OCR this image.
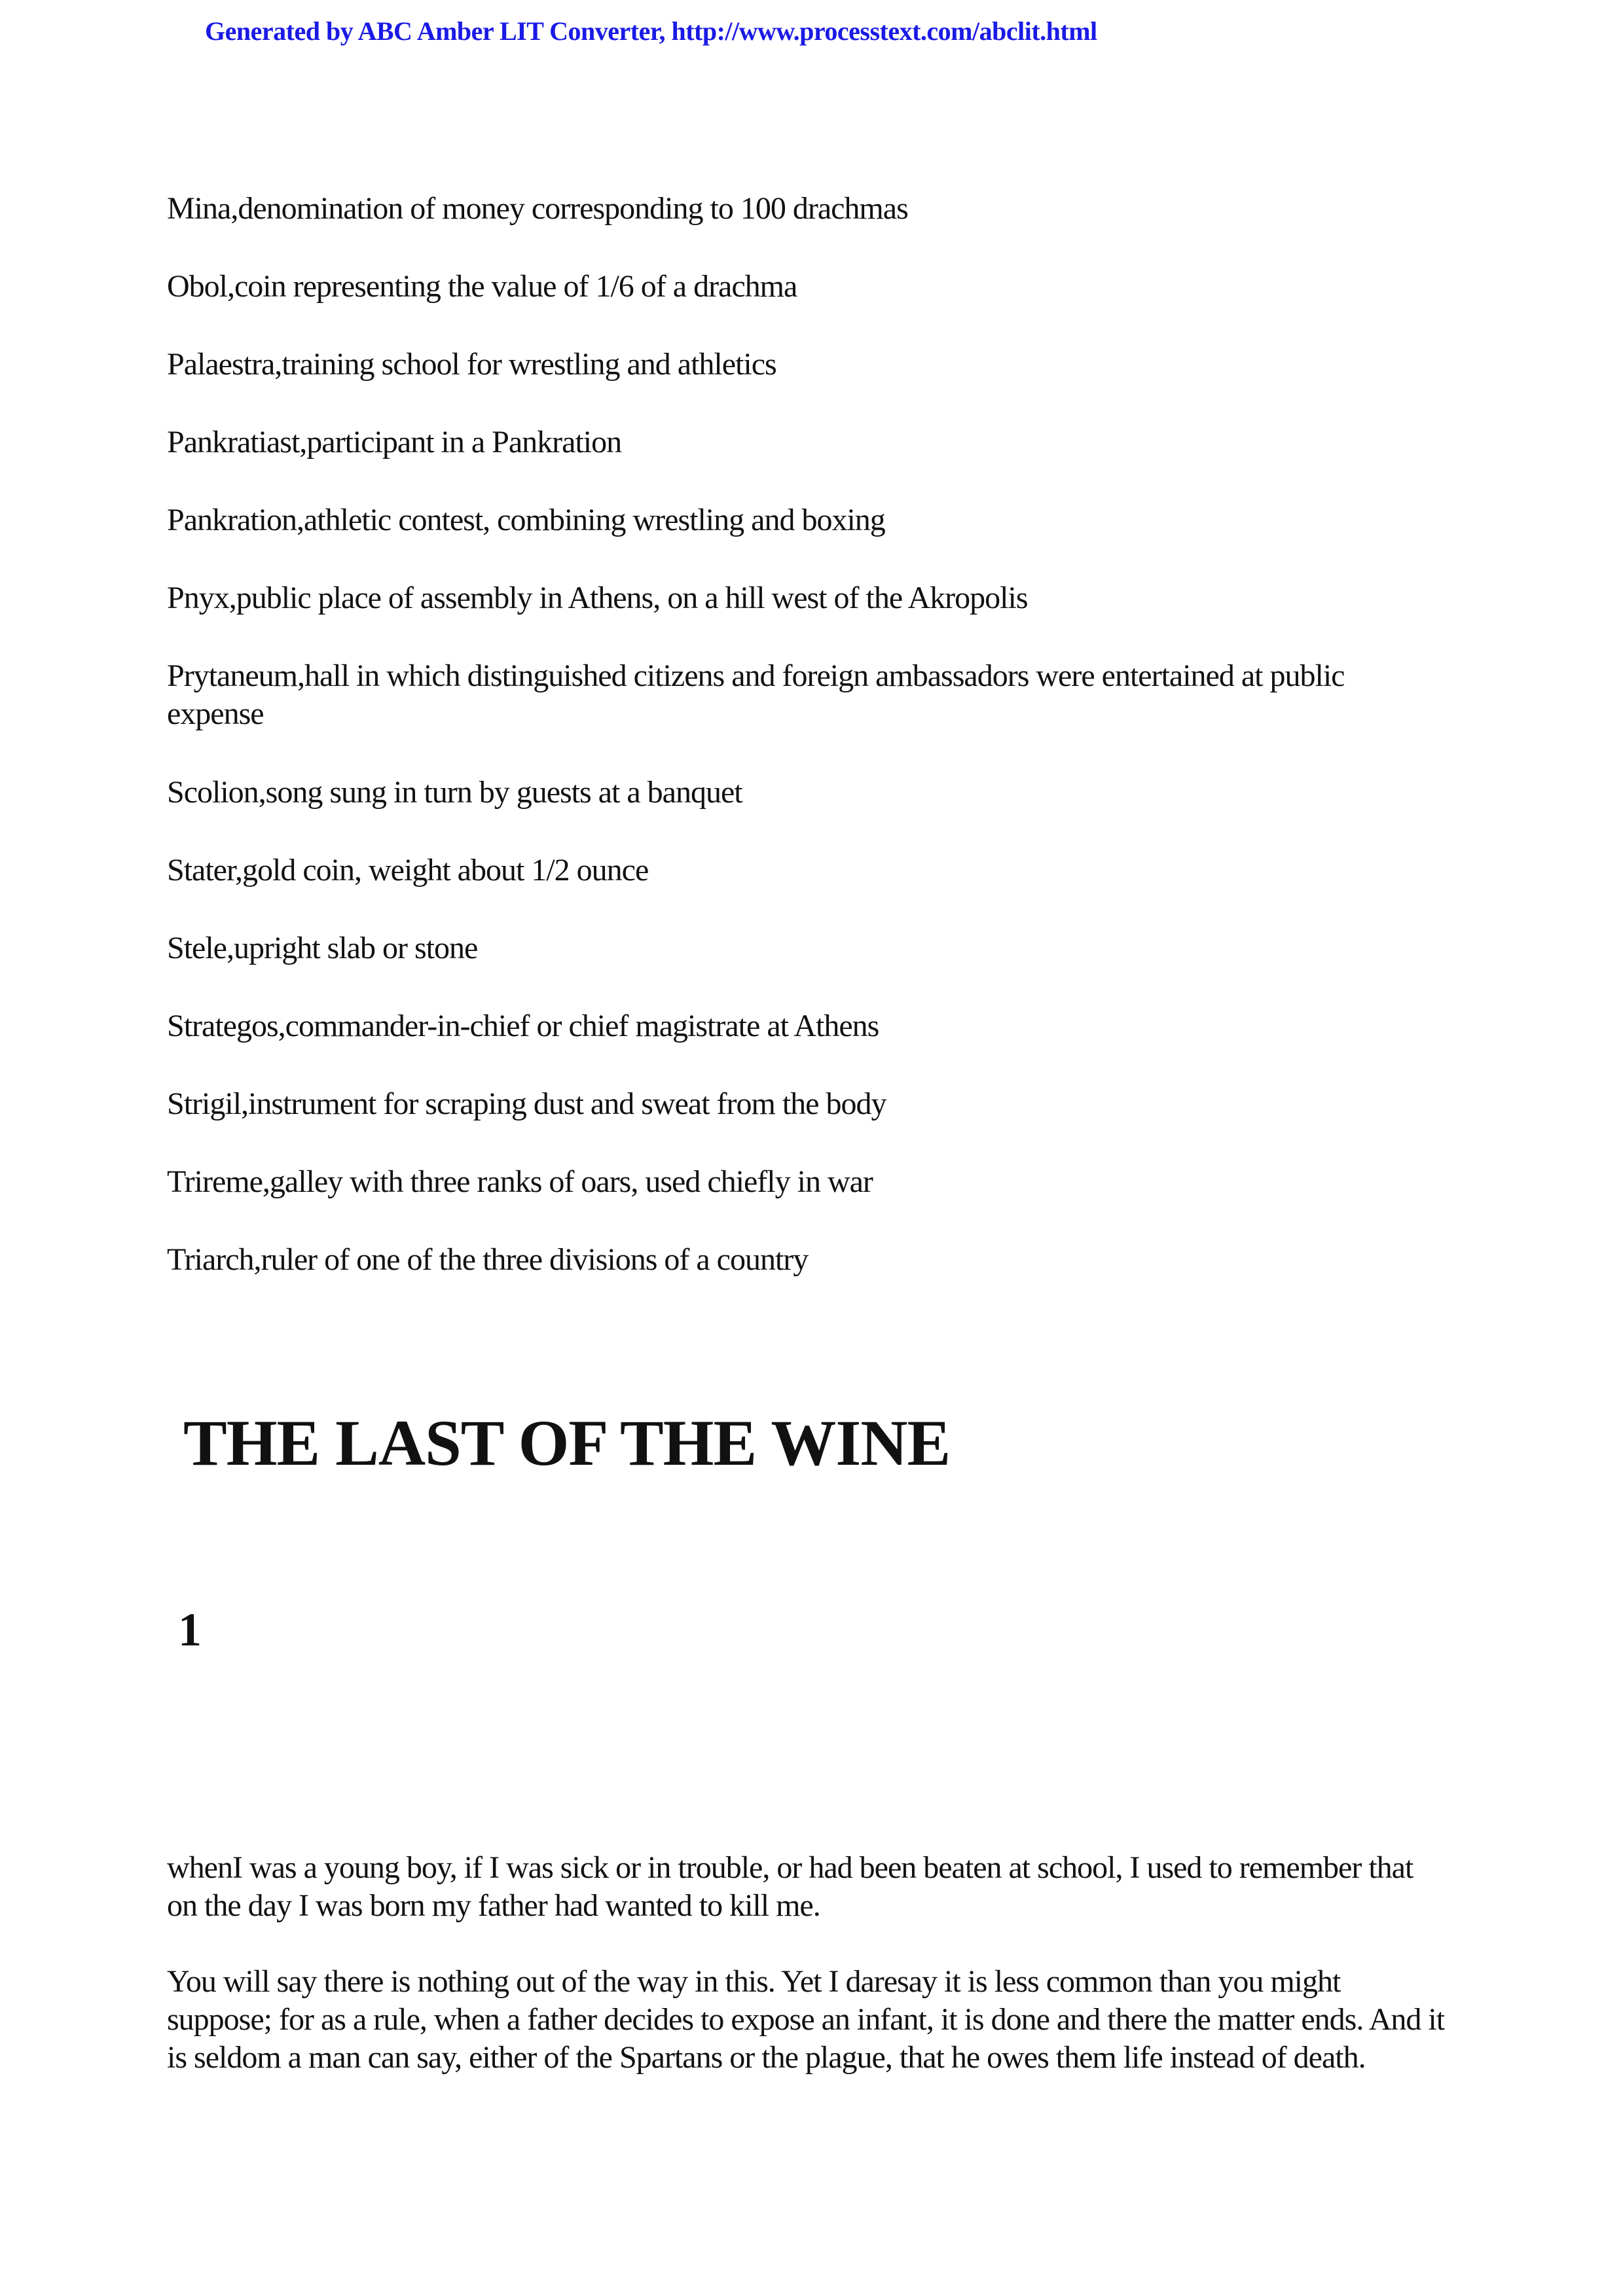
Generated by ABC Amber LIT Converter, http://www.processtext.com/abclit.html
Mina,denomination of money corresponding to 100 drachmas
Obol,coin representing the value of 1/6 of a drachma
Palaestra,training school for wrestling and athletics
Pankratiast,participant in a Pankration
Pankration,athletic contest, combining wrestling and boxing
Pnyx,public place of assembly in Athens, on a hill west of the Akropolis
Prytaneum,hall in which distinguished citizens and foreign ambassadors were entertained at public expense
Scolion,song sung in turn by guests at a banquet
Stater,gold coin, weight about 1/2 ounce
Stele,upright slab or stone
Strategos,commander-in-chief or chief magistrate at Athens
Strigil,instrument for scraping dust and sweat from the body
Trireme,galley with three ranks of oars, used chiefly in war
Triarch,ruler of one of the three divisions of a country
THE LAST OF THE WINE
1

whenI was a young boy, if I was sick or in trouble, or had been beaten at school, I used to remember that on the day I was born my father had wanted to kill me.

You will say there is nothing out of the way in this. Yet I daresay it is less common than you might suppose; for as a rule, when a father decides to expose an infant, it is done and there the matter ends. And it is seldom a man can say, either of the Spartans or the plague, that he owes them life instead of death.
